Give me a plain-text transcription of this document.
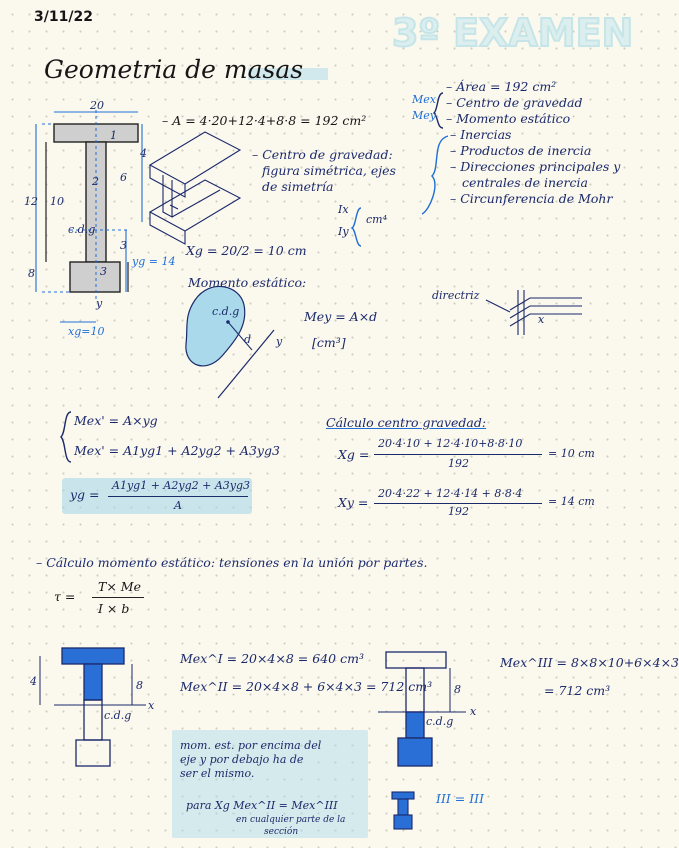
3º EXAMEN
3/11/22
Geometria de masas
20
1
2
3
4
6
12 10
3
8
c.d.g
yg = 14
xg=10
y
– A = 4·20+12·4+8·8 = 192 cm²
– Centro de gravedad:
figura simétrica, ejes
de simetría
– Área = 192 cm²
– Centro de gravedad
– Momento estático
– Inercias
– Productos de inercia
– Direcciones principales y
centrales de inercia
– Circunferencia de Mohr
Mex
Mey
Ix
Iy
cm⁴
Xg = 20/2 = 10 cm
Momento estático:
c.d.g
d y
Mey = A×d
[cm³]
directriz
x
Mex' = A×yg
Mex' = A1yg1 + A2yg2 + A3yg3
yg =
A1yg1 + A2yg2 + A3yg3
A
Cálculo centro gravedad:
Xg =
20·4·10 + 12·4·10+8·8·10
192
= 10 cm
Xy =
20·4·22 + 12·4·14 + 8·8·4
192
= 14 cm
– Cálculo momento estático: tensiones en la unión por partes.
τ =
T× Me
I × b
Mex^I = 20×4×8 = 640 cm³
Mex^II = 20×4×8 + 6×4×3 = 712 cm³
Mex^III = 8×8×10+6×4×3
= 712 cm³
4	8
c.d.g
x
8
c.d.g
x
mom. est. por encima del
eje y por debajo ha de
ser el mismo.
para Xg Mex^II = Mex^III
en cualquier parte de la
sección
III = III
